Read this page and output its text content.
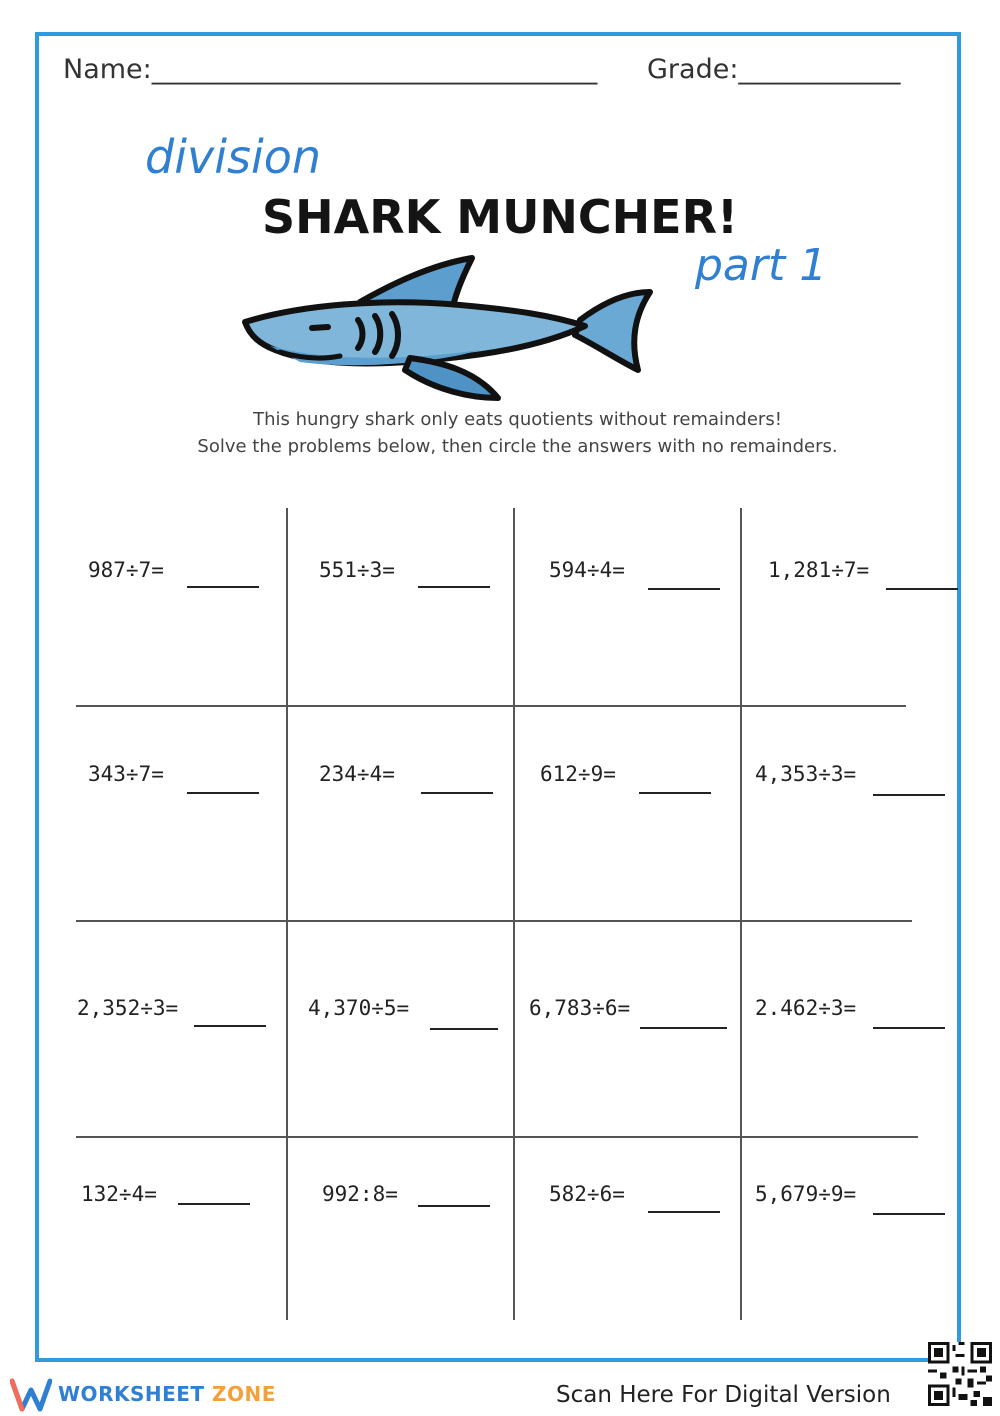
Name:_________________________________ Grade:____________
division
SHARK MUNCHER!
part 1
This hungry shark only eats quotients without remainders!
Solve the problems below, then circle the answers with no remainders.
987÷7=	551÷3=	594÷4=	1,281÷7=
343÷7=	234÷4=	612÷9=	4,353÷3=
2,352÷3=	4,370÷5=	6,783÷6=	2.462÷3=
132÷4=	992:8=	582÷6=	5,679÷9=
WORKSHEET ZONE	Scan Here For Digital Version
